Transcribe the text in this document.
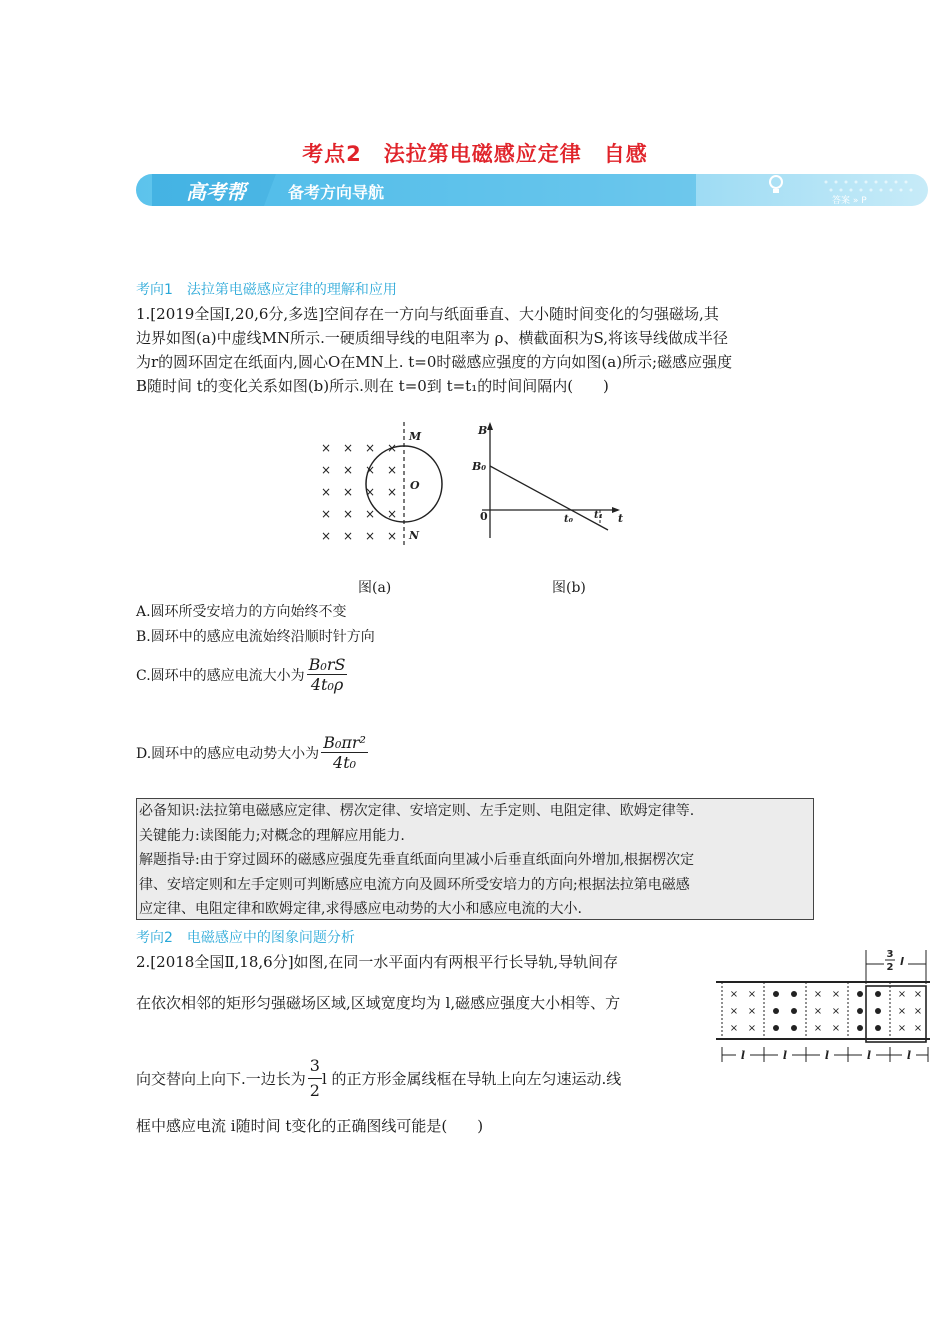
考点2　法拉第电磁感应定律　自感
高考帮	备考方向导航	答案 » P
考向1　法拉第电磁感应定律的理解和应用
1.[2019全国Ⅰ,20,6分,多选]空间存在一方向与纸面垂直、大小随时间变化的匀强磁场,其
边界如图(a)中虚线MN所示.一硬质细导线的电阻率为 ρ、横截面积为S,将该导线做成半径
为r的圆环固定在纸面内,圆心O在MN上. t=0时磁感应强度的方向如图(a)所示;磁感应强度
B随时间 t的变化关系如图(b)所示.则在 t=0到 t=t₁的时间间隔内(　　)
× × × ×
× × × ×
× × × ×
× × × ×
× × × ×
M
N
O
B
B₀
0	t₀ t₁ t
图(a)	图(b)
A.圆环所受安培力的方向始终不变
B.圆环中的感应电流始终沿顺时针方向
C.圆环中的感应电流大小为 $\frac{\text{B₀rS}}{\text{4t₀ρ}}$
D.圆环中的感应电动势大小为 $\frac{\text{B₀πr²}}{\text{4t₀}}$
必备知识:法拉第电磁感应定律、楞次定律、安培定则、左手定则、电阻定律、欧姆定律等.
关键能力:读图能力;对概念的理解应用能力.
解题指导:由于穿过圆环的磁感应强度先垂直纸面向里减小后垂直纸面向外增加,根据楞次定
律、安培定则和左手定则可判断感应电流方向及圆环所受安培力的方向;根据法拉第电磁感
应定律、电阻定律和欧姆定律,求得感应电动势的大小和感应电流的大小.
考向2　电磁感应中的图象问题分析
2.[2018全国Ⅱ,18,6分]如图,在同一水平面内有两根平行长导轨,导轨间存
在依次相邻的矩形匀强磁场区域,区域宽度均为 l,磁感应强度大小相等、方
向交替向上向下.一边长为 $\frac{3}{2}$ l 的正方形金属线框在导轨上向左匀速运动.线
框中感应电流 i随时间 t变化的正确图线可能是(　　)
3
2 l
× ×
× ×
× ×
× ×
× ×
× ×
× ×
× ×
× ×
l	l	l	l	l
